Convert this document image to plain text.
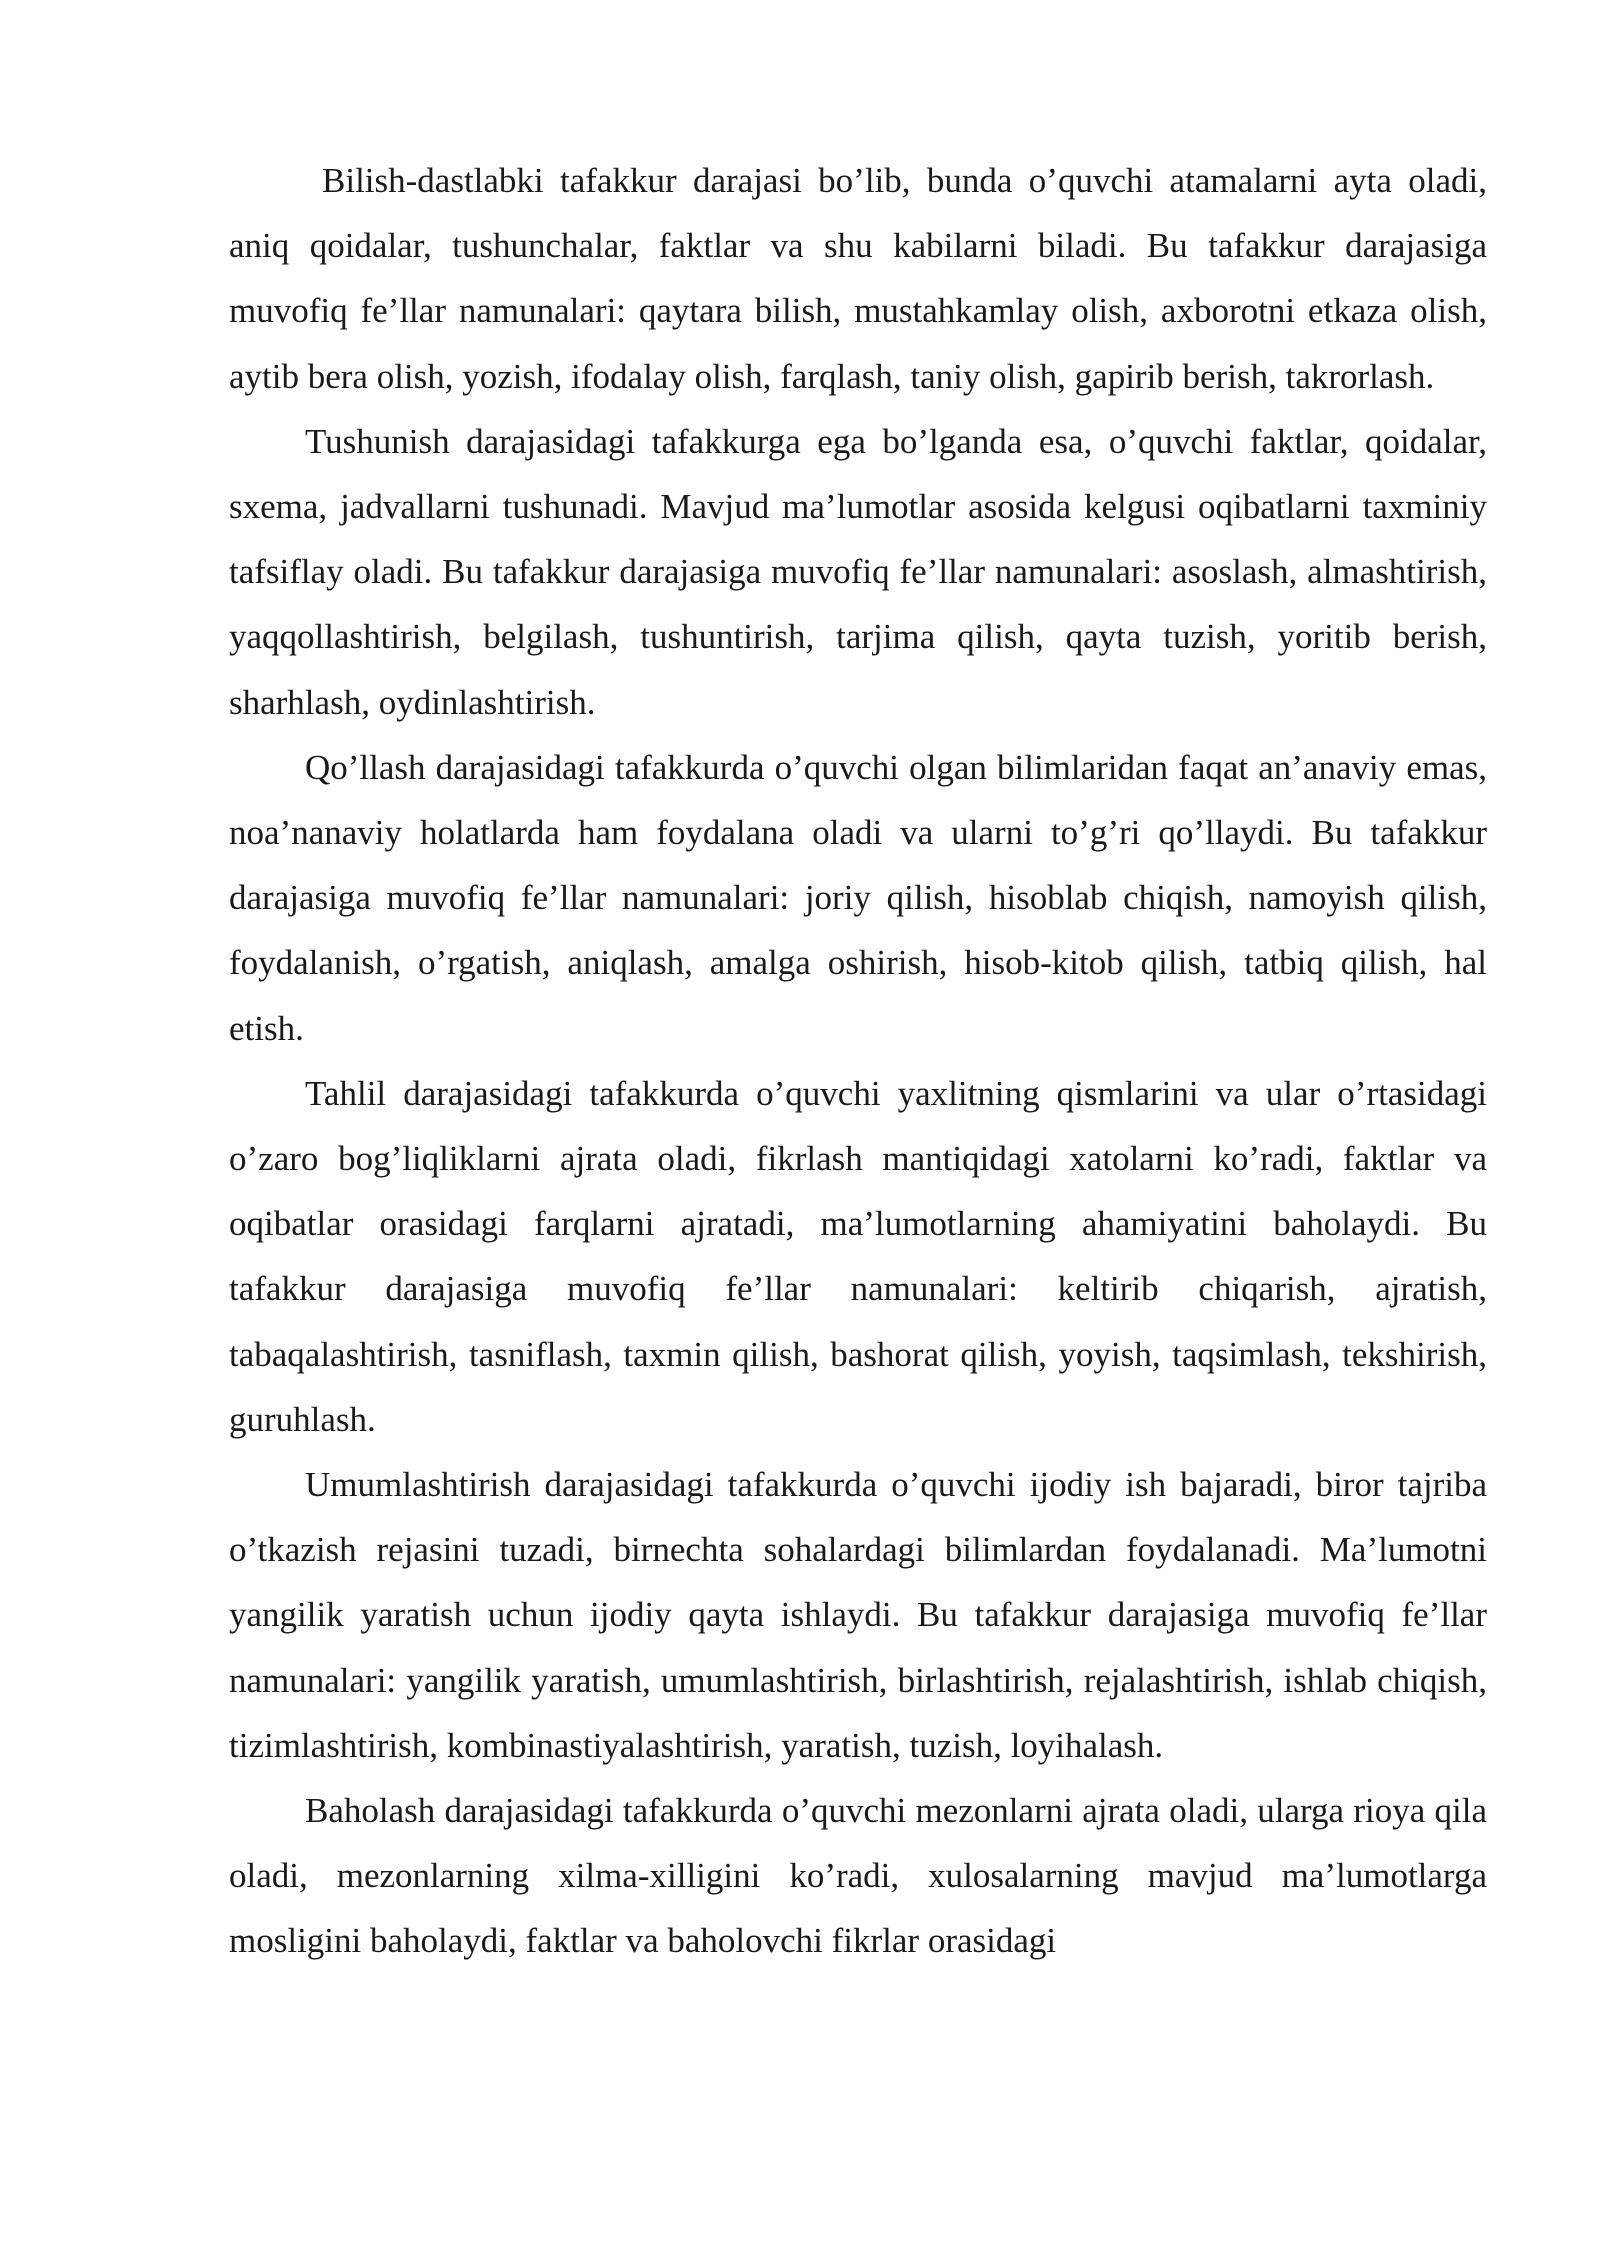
Bilish-dastlabki tafakkur darajasi bo’lib, bunda o’quvchi atamalarni ayta oladi, aniq qoidalar, tushunchalar, faktlar va shu kabilarni biladi. Bu tafakkur darajasiga muvofiq fe’llar namunalari: qaytara bilish, mustahkamlay olish, axborotni etkaza olish, aytib bera olish, yozish, ifodalay olish, farqlash, taniy olish, gapirib berish, takrorlash.

Tushunish darajasidagi tafakkurga ega bo’lganda esa, o’quvchi faktlar, qoidalar, sxema, jadvallarni tushunadi. Mavjud ma’lumotlar asosida kelgusi oqibatlarni taxminiy tafsiflay oladi. Bu tafakkur darajasiga muvofiq fe’llar namunalari: asoslash, almashtirish, yaqqollashtirish, belgilash, tushuntirish, tarjima qilish, qayta tuzish, yoritib berish, sharhlash, oydinlashtirish.

Qo’llash darajasidagi tafakkurda o’quvchi olgan bilimlaridan faqat an’anaviy emas, noa’nanaviy holatlarda ham foydalana oladi va ularni to’g’ri qo’llaydi. Bu tafakkur darajasiga muvofiq fe’llar namunalari: joriy qilish, hisoblab chiqish, namoyish qilish, foydalanish, o’rgatish, aniqlash, amalga oshirish, hisob-kitob qilish, tatbiq qilish, hal etish.

Tahlil darajasidagi tafakkurda o’quvchi yaxlitning qismlarini va ular o’rtasidagi o’zaro bog’liqliklarni ajrata oladi, fikrlash mantiqidagi xatolarni ko’radi, faktlar va oqibatlar orasidagi farqlarni ajratadi, ma’lumotlarning ahamiyatini baholaydi. Bu tafakkur darajasiga muvofiq fe’llar namunalari: keltirib chiqarish, ajratish, tabaqalashtirish, tasniflash, taxmin qilish, bashorat qilish, yoyish, taqsimlash, tekshirish, guruhlash.

Umumlashtirish darajasidagi tafakkurda o’quvchi ijodiy ish bajaradi, biror tajriba o’tkazish rejasini tuzadi, birnechta sohalardagi bilimlardan foydalanadi. Ma’lumotni yangilik yaratish uchun ijodiy qayta ishlaydi. Bu tafakkur darajasiga muvofiq fe’llar namunalari: yangilik yaratish, umumlashtirish, birlashtirish, rejalashtirish, ishlab chiqish, tizimlashtirish, kombinastiyalashtirish, yaratish, tuzish, loyihalash.

Baholash darajasidagi tafakkurda o’quvchi mezonlarni ajrata oladi, ularga rioya qila oladi, mezonlarning xilma-xilligini ko’radi, xulosalarning mavjud ma’lumotlarga mosligini baholaydi, faktlar va baholovchi fikrlar orasidagi
